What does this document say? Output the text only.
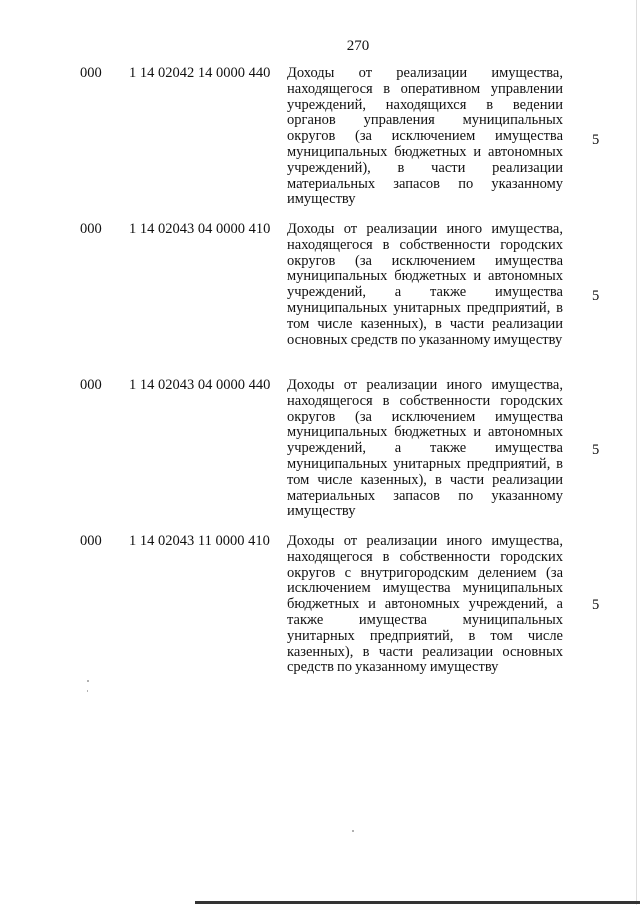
270
000 1 14 02042 14 0000 440 Доходы от реализации имущества, находящегося в оперативном управлении учреждений, находящихся в ведении органов управления муниципальных округов (за исключением имущества муниципальных бюджетных и автономных учреждений), в части реализации материальных запасов по указанному имуществу
5
000 1 14 02043 04 0000 410 Доходы от реализации иного имущества, находящегося в собственности городских округов (за исключением имущества муниципальных бюджетных и автономных учреждений, а также имущества муниципальных унитарных предприятий, в том числе казенных), в части реализации основных средств по указанному имуществу
5
000 1 14 02043 04 0000 440 Доходы от реализации иного имущества, находящегося в собственности городских округов (за исключением имущества муниципальных бюджетных и автономных учреждений, а также имущества муниципальных унитарных предприятий, в том числе казенных), в части реализации материальных запасов по указанному имуществу
5
000 1 14 02043 11 0000 410 Доходы от реализации иного имущества, находящегося в собственности городских округов с внутригородским делением (за исключением имущества муниципальных бюджетных и автономных учреждений, а также имущества муниципальных унитарных предприятий, в том числе казенных), в части реализации основных средств по указанному имуществу
5
